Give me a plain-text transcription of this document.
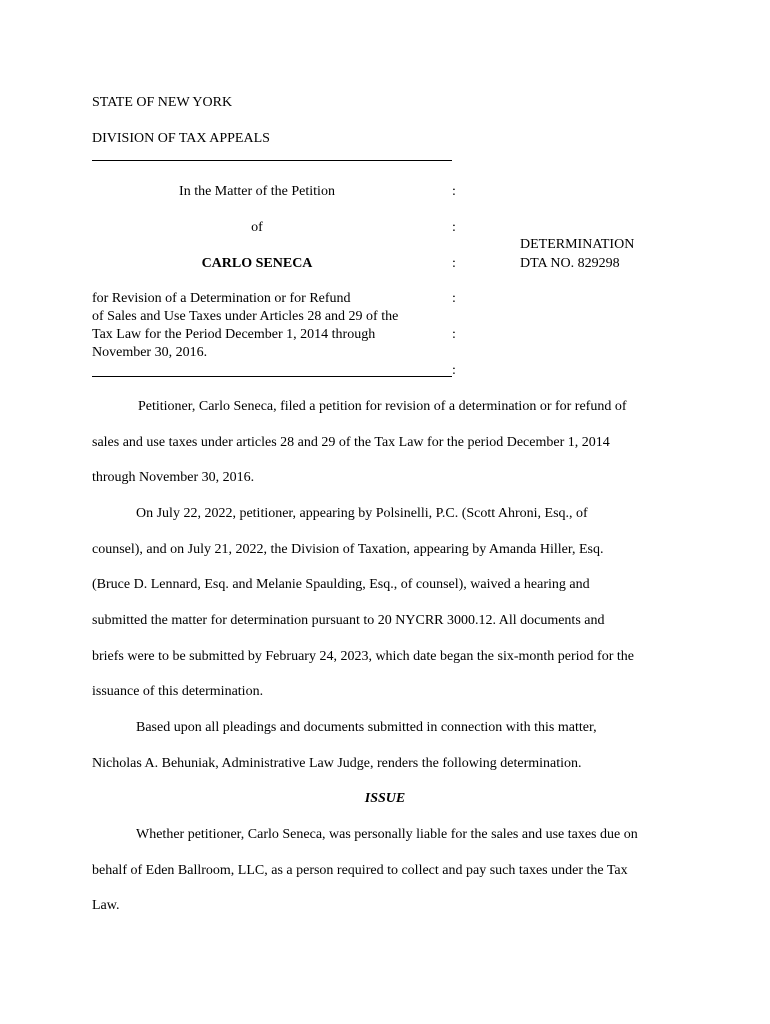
STATE OF NEW YORK
DIVISION OF TAX APPEALS
In the Matter of the Petition
of
CARLO SENECA
for Revision of a Determination or for Refund
of Sales and Use Taxes under Articles 28 and 29 of the
Tax Law for the Period December 1, 2014 through
November 30, 2016.
:
:
:
:
:
:
DETERMINATION
DTA NO. 829298
Petitioner, Carlo Seneca, filed a petition for revision of a determination or for refund of
sales and use taxes under articles 28 and 29 of the Tax Law for the period December 1, 2014
through November 30, 2016.
On July 22, 2022, petitioner, appearing by Polsinelli, P.C. (Scott Ahroni, Esq., of
counsel), and on July 21, 2022, the Division of Taxation, appearing by Amanda Hiller, Esq.
(Bruce D. Lennard, Esq. and Melanie Spaulding, Esq., of counsel), waived a hearing and
submitted the matter for determination pursuant to 20 NYCRR 3000.12. All documents and
briefs were to be submitted by February 24, 2023, which date began the six-month period for the
issuance of this determination.
Based upon all pleadings and documents submitted in connection with this matter,
Nicholas A. Behuniak, Administrative Law Judge, renders the following determination.
ISSUE
Whether petitioner, Carlo Seneca, was personally liable for the sales and use taxes due on
behalf of Eden Ballroom, LLC, as a person required to collect and pay such taxes under the Tax
Law.
